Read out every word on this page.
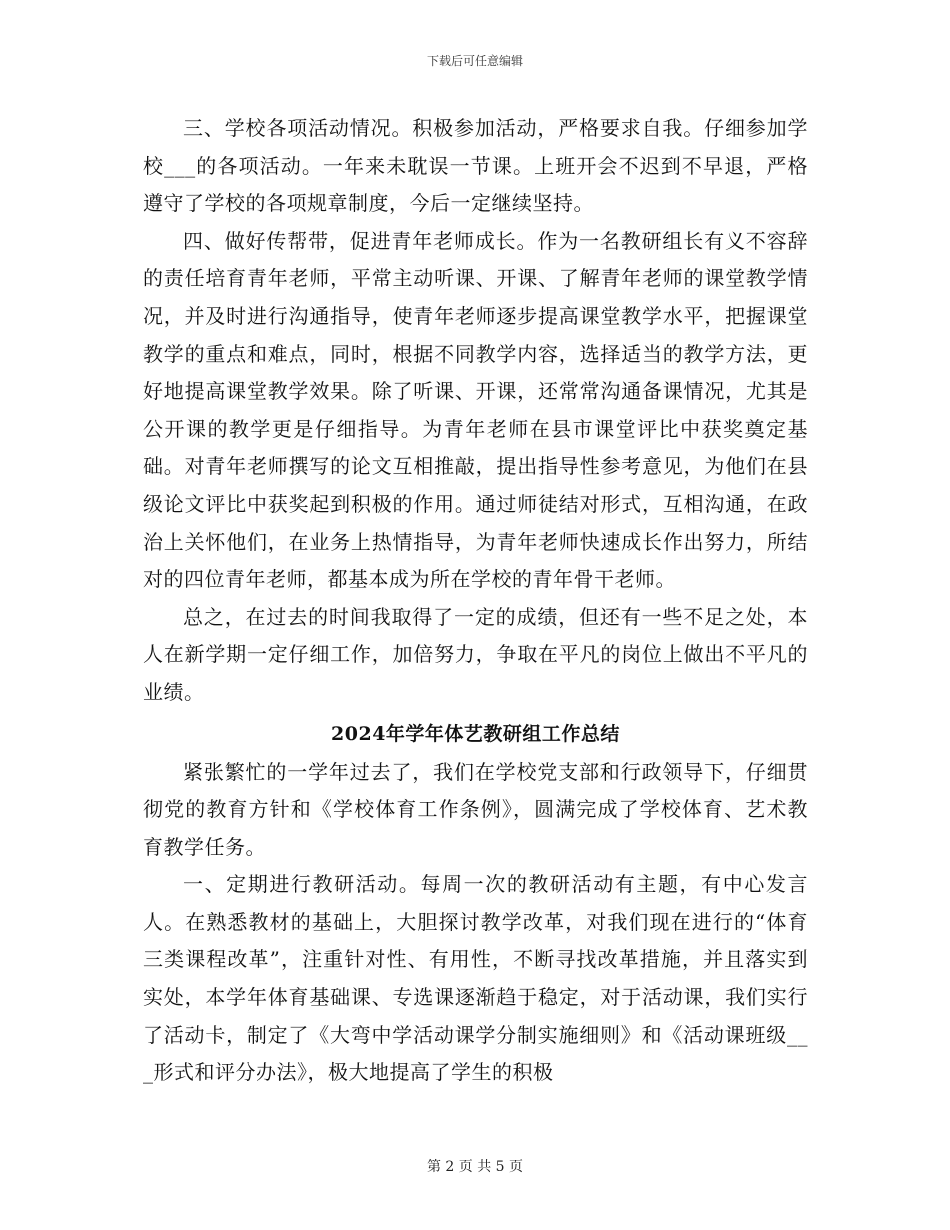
下载后可任意编辑

三、学校各项活动情况。积极参加活动，严格要求自我。仔细参加学校___的各项活动。一年来未耽误一节课。上班开会不迟到不早退，严格遵守了学校的各项规章制度，今后一定继续坚持。

四、做好传帮带，促进青年老师成长。作为一名教研组长有义不容辞的责任培育青年老师，平常主动听课、开课、了解青年老师的课堂教学情况，并及时进行沟通指导，使青年老师逐步提高课堂教学水平，把握课堂教学的重点和难点，同时，根据不同教学内容，选择适当的教学方法，更好地提高课堂教学效果。除了听课、开课，还常常沟通备课情况，尤其是公开课的教学更是仔细指导。为青年老师在县市课堂评比中获奖奠定基础。对青年老师撰写的论文互相推敲，提出指导性参考意见，为他们在县级论文评比中获奖起到积极的作用。通过师徒结对形式，互相沟通，在政治上关怀他们，在业务上热情指导，为青年老师快速成长作出努力，所结对的四位青年老师，都基本成为所在学校的青年骨干老师。

总之，在过去的时间我取得了一定的成绩，但还有一些不足之处，本人在新学期一定仔细工作，加倍努力，争取在平凡的岗位上做出不平凡的业绩。

2024年学年体艺教研组工作总结

紧张繁忙的一学年过去了，我们在学校党支部和行政领导下，仔细贯彻党的教育方针和《学校体育工作条例》，圆满完成了学校体育、艺术教育教学任务。

一、定期进行教研活动。每周一次的教研活动有主题，有中心发言人。在熟悉教材的基础上，大胆探讨教学改革，对我们现在进行的“体育三类课程改革”，注重针对性、有用性，不断寻找改革措施，并且落实到实处，本学年体育基础课、专选课逐渐趋于稳定，对于活动课，我们实行了活动卡，制定了《大弯中学活动课学分制实施细则》和《活动课班级___形式和评分办法》，极大地提高了学生的积极

第 2 页 共 5 页
